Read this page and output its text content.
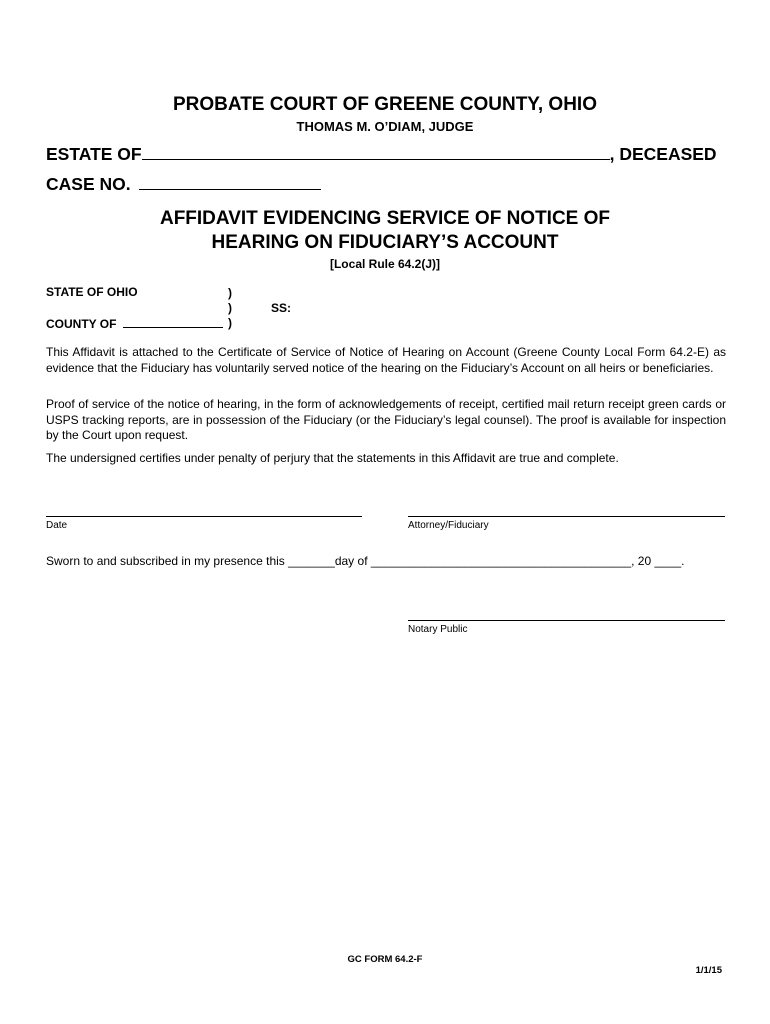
PROBATE COURT OF GREENE COUNTY, OHIO
THOMAS M. O’DIAM, JUDGE
ESTATE OF	, DECEASED
CASE NO.
AFFIDAVIT EVIDENCING SERVICE OF NOTICE OF
HEARING ON FIDUCIARY’S ACCOUNT
[Local Rule 64.2(J)]
STATE OF OHIO	)
)	SS:
COUNTY OF	)
This Affidavit is attached to the Certificate of Service of Notice of Hearing on Account (Greene County Local Form 64.2-E) as evidence that the Fiduciary has voluntarily served notice of the hearing on the Fiduciary’s Account on all heirs or beneficiaries.
Proof of service of the notice of hearing, in the form of acknowledgements of receipt, certified mail return receipt green cards or USPS tracking reports, are in possession of the Fiduciary (or the Fiduciary’s legal counsel). The proof is available for inspection by the Court upon request.
The undersigned certifies under penalty of perjury that the statements in this Affidavit are true and complete.
Date	Attorney/Fiduciary
Sworn to and subscribed in my presence this _______day of _______________________________________, 20 ____.
Notary Public
GC FORM 64.2-F
1/1/15
